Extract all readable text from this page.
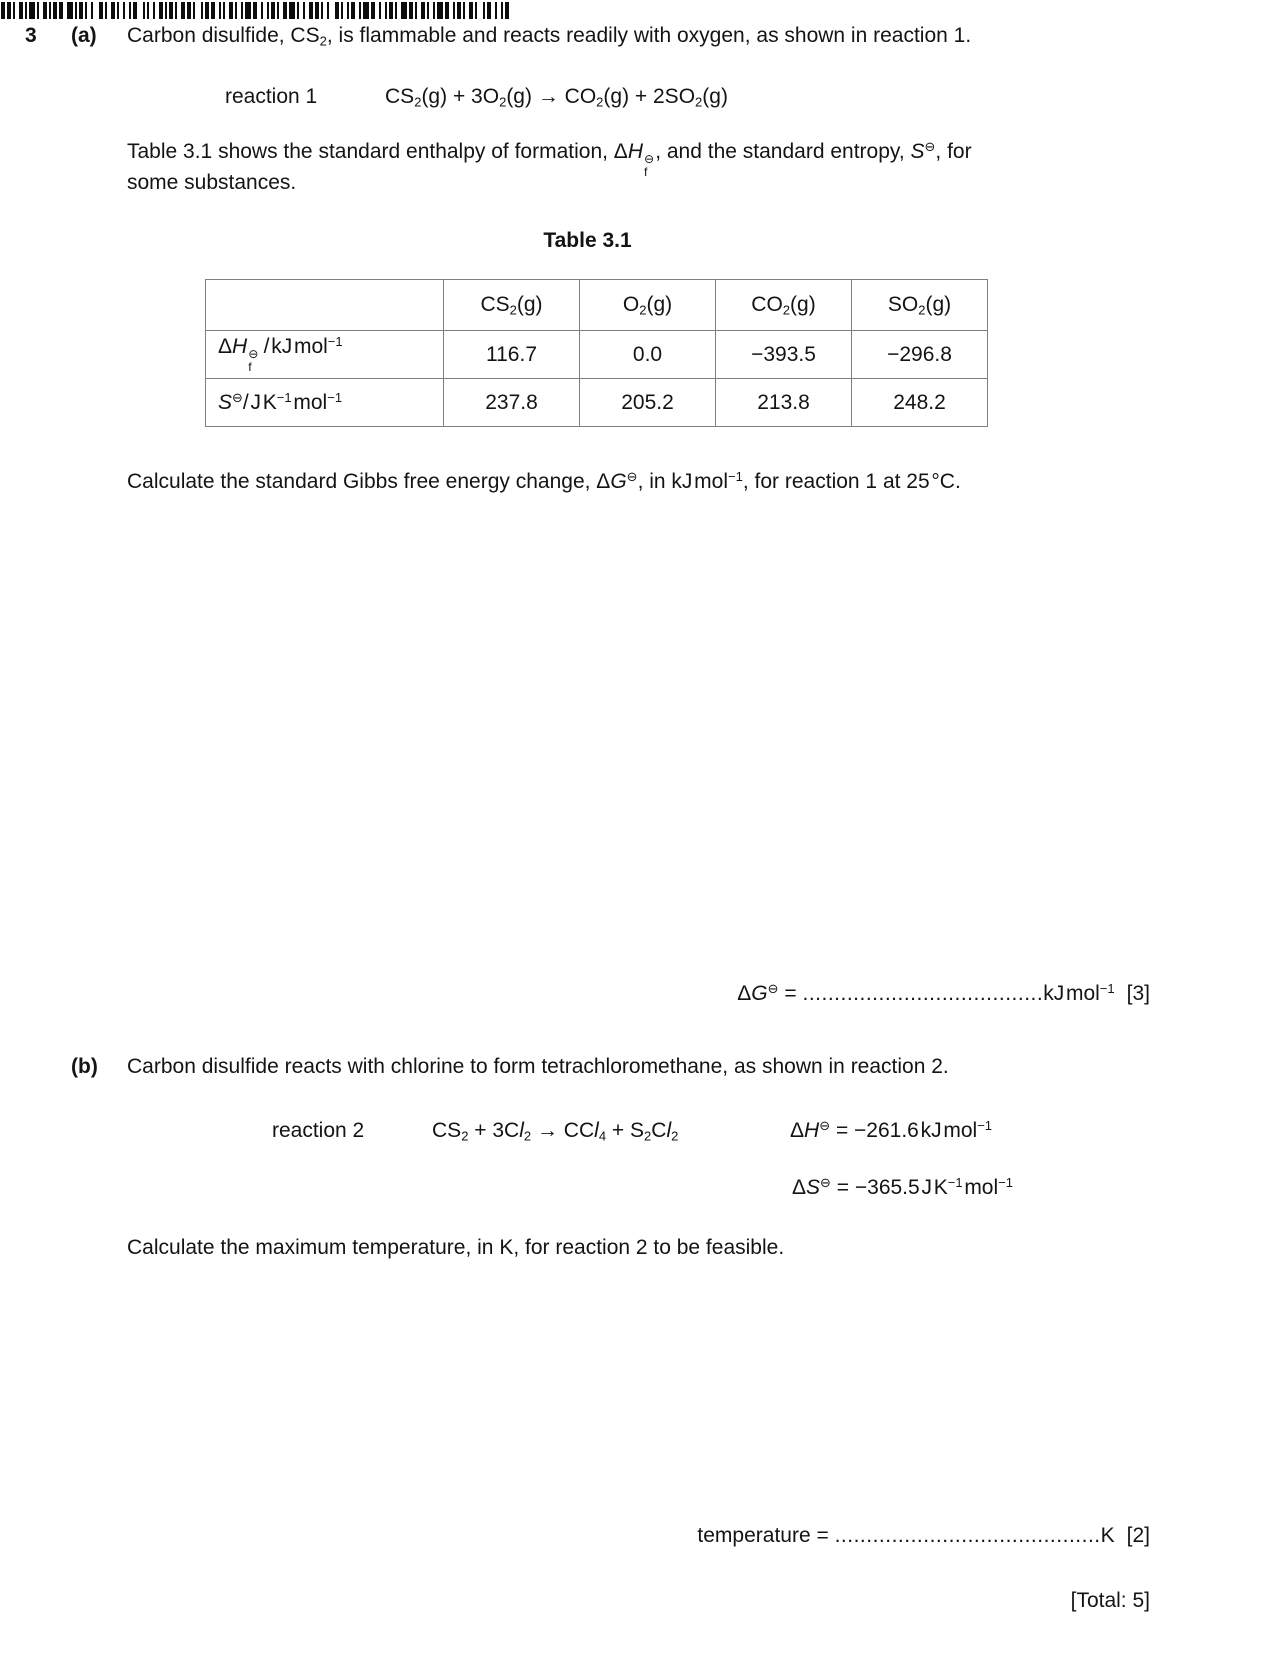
3 (a) Carbon disulfide, $CS_2$, is flammable and reacts readily with oxygen, as shown in reaction 1.
reaction 1	$CS_2(g) + 3O_2(g) \to CO_2(g) + 2SO_2(g)$
Table 3.1 shows the standard enthalpy of formation, ΔH ⊖
f
, and the standard entropy, S⊖, for
some substances.
Table 3.1
	$CS_2(g)$	$O_2(g)$	$CO_2(g)$	$SO_2(g)$
ΔH ⊖
f
 / kJ mol$^{-1}$	116.7	0.0	−393.5	−296.8
S⊖/ J $K^{-1}$ mol$^{-1}$	237.8	205.2	213.8	248.2
Calculate the standard Gibbs free energy change, ΔG⊖, in kJ mol$^{-1}$, for reaction 1 at 25 °C.
ΔG⊖ = ......................................kJ mol$^{-1}$ [3]
(b) Carbon disulfide reacts with chlorine to form tetrachloromethane, as shown in reaction 2.
reaction 2	$CS_2 + 3Cl_2 \to CCl_4 + S_2Cl_2$	ΔH⊖ = −261.6 kJ mol$^{-1}$
ΔS⊖ = −365.5 J $K^{-1}$ mol$^{-1}$
Calculate the maximum temperature, in K, for reaction 2 to be feasible.
temperature = ..........................................K [2]
[Total: 5]
